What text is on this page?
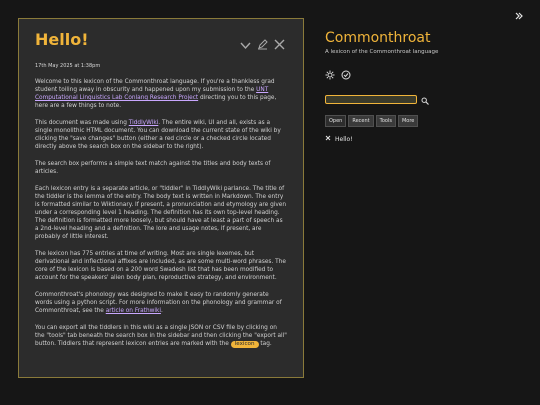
Hello!
17th May 2025 at 1:38pm

Welcome to this lexicon of the Commonthroat language. If you're a thankless grad student toiling away in obscurity and happened upon my submission to the UNT Computational Linguistics Lab Conlang Research Project directing you to this page, here are a few things to note.

This document was made using TiddlyWiki. The entire wiki, UI and all, exists as a single monolithic HTML document. You can download the current state of the wiki by clicking the "save changes" button (either a red circle or a checked circle located directly above the search box on the sidebar to the right).

The search box performs a simple text match against the titles and body texts of articles.

Each lexicon entry is a separate article, or "tiddler" in TiddlyWiki parlance. The title of the tiddler is the lemma of the entry. The body text is written in Markdown. The entry is formatted similar to Wiktionary. If present, a pronunciation and etymology are given under a corresponding level 1 heading. The definition has its own top-level heading. The definition is formatted more loosely, but should have at least a part of speech as a 2nd-level heading and a definition. The lore and usage notes, if present, are probably of little interest.

The lexicon has 775 entries at time of writing. Most are single lexemes, but derivational and inflectional affixes are included, as are some multi-word phrases. The core of the lexicon is based on a 200 word Swadesh list that has been modified to account for the speakers' alien body plan, reproductive strategy, and environment.

Commonthroat's phonology was designed to make it easy to randomly generate words using a python script. For more information on the phonology and grammar of Commonthroat, see the article on Frathwiki.

You can export all the tiddlers in this wiki as a single JSON or CSV file by clicking on the "tools" tab beneath the search box in the sidebar and then clicking the "export all" button. Tiddlers that represent lexicon entries are marked with the lexicon tag.

Commonthroat
A lexicon of the Commonthroat language
Open	Recent	Tools	More
Hello!
